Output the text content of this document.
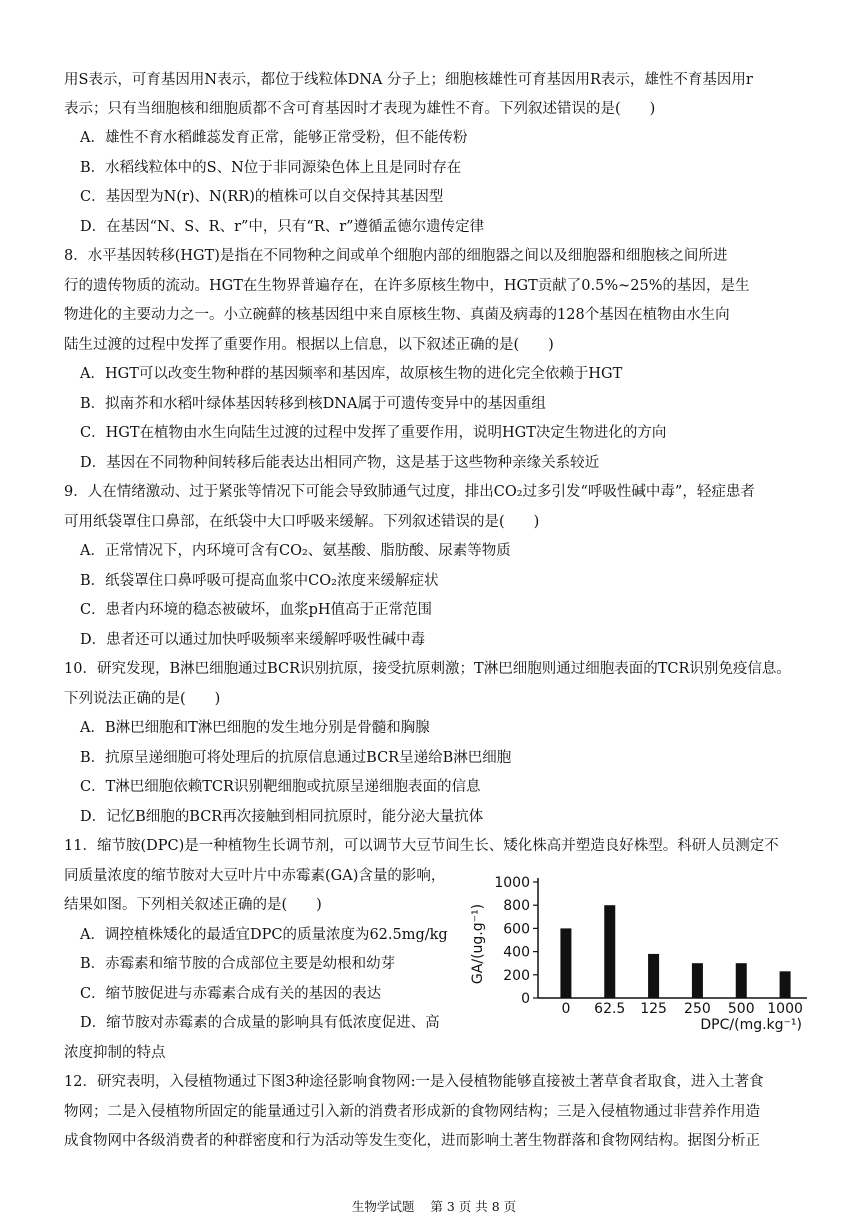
用S表示，可育基因用N表示，都位于线粒体DNA 分子上；细胞核雄性可育基因用R表示，雄性不育基因用r
表示；只有当细胞核和细胞质都不含可育基因时才表现为雄性不育。下列叙述错误的是(　　)
A．雄性不育水稻雌蕊发育正常，能够正常受粉，但不能传粉
B．水稻线粒体中的S、N位于非同源染色体上且是同时存在
C．基因型为N(r)、N(RR)的植株可以自交保持其基因型
D．在基因“N、S、R、r”中，只有“R、r”遵循孟德尔遗传定律
8．水平基因转移(HGT)是指在不同物种之间或单个细胞内部的细胞器之间以及细胞器和细胞核之间所进
行的遗传物质的流动。HGT在生物界普遍存在，在许多原核生物中，HGT贡献了0.5%~25%的基因，是生
物进化的主要动力之一。小立碗藓的核基因组中来自原核生物、真菌及病毒的128个基因在植物由水生向
陆生过渡的过程中发挥了重要作用。根据以上信息，以下叙述正确的是(　　)
A．HGT可以改变生物种群的基因频率和基因库，故原核生物的进化完全依赖于HGT
B．拟南芥和水稻叶绿体基因转移到核DNA属于可遗传变异中的基因重组
C．HGT在植物由水生向陆生过渡的过程中发挥了重要作用，说明HGT决定生物进化的方向
D．基因在不同物种间转移后能表达出相同产物，这是基于这些物种亲缘关系较近
9．人在情绪激动、过于紧张等情况下可能会导致肺通气过度，排出CO₂过多引发“呼吸性碱中毒”，轻症患者
可用纸袋罩住口鼻部，在纸袋中大口呼吸来缓解。下列叙述错误的是(　　)
A．正常情况下，内环境可含有CO₂、氨基酸、脂肪酸、尿素等物质
B．纸袋罩住口鼻呼吸可提高血浆中CO₂浓度来缓解症状
C．患者内环境的稳态被破坏，血浆pH值高于正常范围
D．患者还可以通过加快呼吸频率来缓解呼吸性碱中毒
10．研究发现，B淋巴细胞通过BCR识别抗原，接受抗原刺激；T淋巴细胞则通过细胞表面的TCR识别免疫信息。
下列说法正确的是(　　)
A．B淋巴细胞和T淋巴细胞的发生地分别是骨髓和胸腺
B．抗原呈递细胞可将处理后的抗原信息通过BCR呈递给B淋巴细胞
C．T淋巴细胞依赖TCR识别靶细胞或抗原呈递细胞表面的信息
D．记忆B细胞的BCR再次接触到相同抗原时，能分泌大量抗体
11．缩节胺(DPC)是一种植物生长调节剂，可以调节大豆节间生长、矮化株高并塑造良好株型。科研人员测定不
同质量浓度的缩节胺对大豆叶片中赤霉素(GA)含量的影响，
结果如图。下列相关叙述正确的是(　　)
A．调控植株矮化的最适宜DPC的质量浓度为62.5mg/kg
B．赤霉素和缩节胺的合成部位主要是幼根和幼芽
C．缩节胺促进与赤霉素合成有关的基因的表达
D．缩节胺对赤霉素的合成量的影响具有低浓度促进、高
浓度抑制的特点
GA/(ug.g⁻¹)
DPC/(mg.kg⁻¹)
0
200
400
600
800
1000
0 62.5 125 250 500 1000
12．研究表明，入侵植物通过下图3种途径影响食物网:一是入侵植物能够直接被土著草食者取食，进入土著食
物网；二是入侵植物所固定的能量通过引入新的消费者形成新的食物网结构；三是入侵植物通过非营养作用造
成食物网中各级消费者的种群密度和行为活动等发生变化，进而影响土著生物群落和食物网结构。据图分析正
生物学试题 第 3 页 共 8 页
